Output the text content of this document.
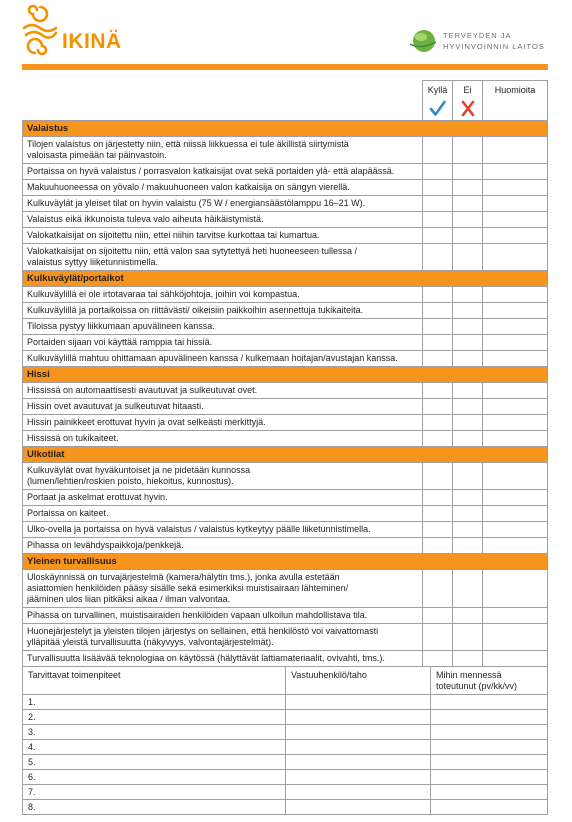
IKINÄ	TERVEYDEN JA
HYVINVOINNIN LAITOS

	Kyllä	Ei	Huomioita

Valaistus			
Tilojen valaistus on järjestetty niin, että niissä liikkuessa ei tule äkillistä siirtymistä
valoisasta pimeään tai päinvastoin.			
Portaissa on hyvä valaistus / porrasvalon katkaisijat ovat sekä portaiden ylä- että alapäässä.			
Makuuhuoneessa on yövalo / makuuhuoneen valon katkaisija on sängyn vierellä.			
Kulkuväylät ja yleiset tilat on hyvin valaistu (75 W / energiansäästölamppu 16–21 W).			
Valaistus eikä ikkunoista tuleva valo aiheuta häikäistymistä.			
Valokatkaisijat on sijoitettu niin, ettei niihin tarvitse kurkottaa tai kumartua.			
Valokatkaisijat on sijoitettu niin, että valon saa sytytettyä heti huoneeseen tullessa /
valaistus syttyy liiketunnistimella.			
Kulkuväylät/portaikot			
Kulkuväylillä ei ole irtotavaraa tai sähköjohtoja, joihin voi kompastua.			
Kulkuväylillä ja portaikoissa on riittävästi/ oikeisiin paikkoihin asennettuja tukikaiteita.			
Tiloissa pystyy liikkumaan apuvälineen kanssa.			
Portaiden sijaan voi käyttää ramppia tai hissiä.			
Kulkuväylillä mahtuu ohittamaan apuvälineen kanssa / kulkemaan hoitajan/avustajan kanssa.			
Hissi			
Hississä on automaattisesti avautuvat ja sulkeutuvat ovet.			
Hissin ovet avautuvat ja sulkeutuvat hitaasti.			
Hissin painikkeet erottuvat hyvin ja ovat selkeästi merkittyjä.			
Hississä on tukikaiteet.			
Ulkotilat			
Kulkuväylät ovat hyväkuntoiset ja ne pidetään kunnossa
(lumen/lehtien/roskien poisto, hiekoitus, kunnostus).			
Portaat ja askelmat erottuvat hyvin.			
Portaissa on kaiteet.			
Ulko-ovella ja portaissa on hyvä valaistus / valaistus kytkeytyy päälle liiketunnistimella.			
Pihassa on levähdyspaikkoja/penkkejä.			
Yleinen turvallisuus			
Uloskäynnissä on turvajärjestelmä (kamera/hälytin tms.), jonka avulla estetään
asiattomien henkilöiden pääsy sisälle sekä esimerkiksi muistisairaan lähteminen/
jääminen ulos liian pitkäksi aikaa / ilman valvontaa.			
Pihassa on turvallinen, muistisairaiden henkilöiden vapaan ulkoilun mahdollistava tila.			
Huonejärjestelyt ja yleisten tilojen järjestys on sellainen, että henkilöstö voi vaivattomasti
ylläpitää yleistä turvallisuutta (näkyvyys, valvontajärjestelmät).			
Turvallisuutta lisäävää teknologiaa on käytössä (hälyttävät lattiamateriaalit, ovivahti, tms.).			
Tarvittavat toimenpiteet	Vastuuhenkilö/taho	Mihin mennessä
toteutunut (pv/kk/vv)
1.		
2.		
3.		
4.		
5.		
6.		
7.		
8.		
